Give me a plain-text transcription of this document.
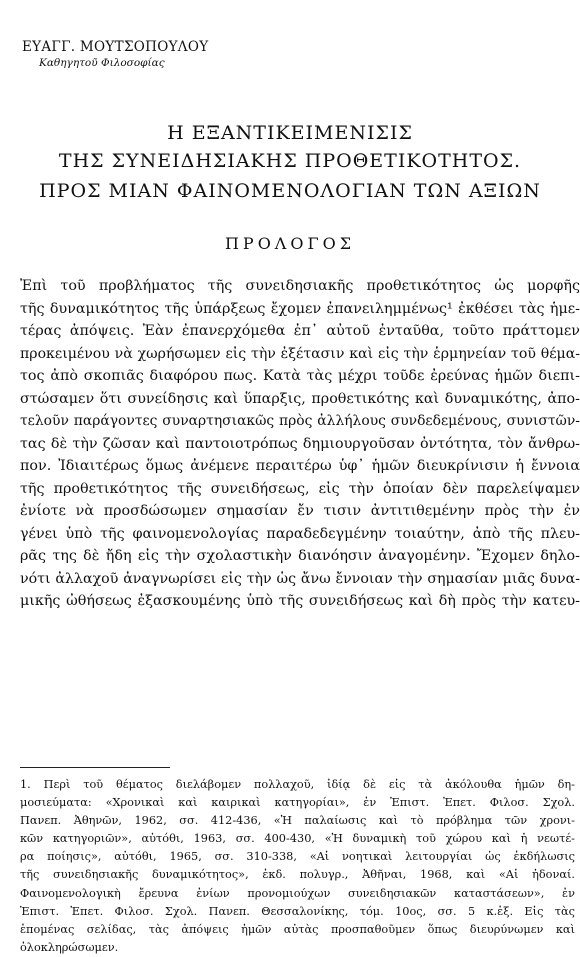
ΕΥΑΓΓ. ΜΟΥΤΣΟΠΟΥΛΟΥ
Καθηγητοῦ Φιλοσοφίας
Η ΕΞΑΝΤΙΚΕΙΜΕΝΙΣΙΣ
ΤΗΣ ΣΥΝΕΙΔΗΣΙΑΚΗΣ ΠΡΟΘΕΤΙΚΟΤΗΤΟΣ.
ΠΡΟΣ ΜΙΑΝ ΦΑΙΝΟΜΕΝΟΛΟΓΙΑΝ ΤΩΝ ΑΞΙΩΝ
ΠΡΟΛΟΓΟΣ
Ἐπὶ τοῦ προβλήματος τῆς συνειδησιακῆς προθετικότητος ὡς μορφῆς
τῆς δυναμικότητος τῆς ὑπάρξεως ἔχομεν ἐπανειλημμένως¹ ἐκθέσει τὰς ἡμε-
τέρας ἀπόψεις. Ἐὰν ἐπανερχόμεθα ἐπ᾽ αὐτοῦ ἐνταῦθα, τοῦτο πράττομεν
προκειμένου νὰ χωρήσωμεν εἰς τὴν ἐξέτασιν καὶ εἰς τὴν ἑρμηνείαν τοῦ θέμα-
τος ἀπὸ σκοπιᾶς διαφόρου πως. Κατὰ τὰς μέχρι τοῦδε ἐρεύνας ἡμῶν διεπι-
στώσαμεν ὅτι συνείδησις καὶ ὕπαρξις, προθετικότης καὶ δυναμικότης, ἀπο-
τελοῦν παράγοντες συναρτησιακῶς πρὸς ἀλλήλους συνδεδεμένους, συνιστῶν-
τας δὲ τὴν ζῶσαν καὶ παντοιοτρόπως δημιουργοῦσαν ὀντότητα, τὸν ἄνθρω-
πον. Ἰδιαιτέρως ὅμως ἀνέμενε περαιτέρω ὑφ᾽ ἡμῶν διευκρίνισιν ἡ ἔννοια
τῆς προθετικότητος τῆς συνειδήσεως, εἰς τὴν ὁποίαν δὲν παρελείψαμεν
ἐνίοτε νὰ προσδώσωμεν σημασίαν ἔν τισιν ἀντιτιθεμένην πρὸς τὴν ἐν
γένει ὑπὸ τῆς φαινομενολογίας παραδεδεγμένην τοιαύτην, ἀπὸ τῆς πλευ-
ρᾶς της δὲ ἤδη εἰς τὴν σχολαστικὴν διανόησιν ἀναγομένην. Ἔχομεν δηλο-
νότι ἀλλαχοῦ ἀναγνωρίσει εἰς τὴν ὡς ἄνω ἔννοιαν τὴν σημασίαν μιᾶς δυνα-
μικῆς ὠθήσεως ἐξασκουμένης ὑπὸ τῆς συνειδήσεως καὶ δὴ πρὸς τὴν κατευ-
1. Περὶ τοῦ θέματος διελάβομεν πολλαχοῦ, ἰδίᾳ δὲ εἰς τὰ ἀκόλουθα ἡμῶν δη-
μοσιεύματα: «Χρονικαὶ καὶ καιρικαὶ κατηγορίαι», ἐν Ἐπιστ. Ἐπετ. Φιλοσ. Σχολ.
Πανεπ. Ἀθηνῶν, 1962, σσ. 412-436, «Ἡ παλαίωσις καὶ τὸ πρόβλημα τῶν χρονι-
κῶν κατηγοριῶν», αὐτόθι, 1963, σσ. 400-430, «Ἡ δυναμικὴ τοῦ χώρου καὶ ἡ νεωτέ-
ρα ποίησις», αὐτόθι, 1965, σσ. 310-338, «Αἱ νοητικαὶ λειτουργίαι ὡς ἐκδήλωσις
τῆς συνειδησιακῆς δυναμικότητος», ἐκδ. πολυγρ., Ἀθῆναι, 1968, καὶ «Αἱ ἡδοναί.
Φαινομενολογικὴ ἔρευνα ἐνίων προνομιούχων συνειδησιακῶν καταστάσεων», ἐν
Ἐπιστ. Ἐπετ. Φιλοσ. Σχολ. Πανεπ. Θεσσαλονίκης, τόμ. 10ος, σσ. 5 κ.ἑξ. Εἰς τὰς
ἑπομένας σελίδας, τὰς ἀπόψεις ἡμῶν αὐτὰς προσπαθοῦμεν ὅπως διευρύνωμεν καὶ
ὁλοκληρώσωμεν.
